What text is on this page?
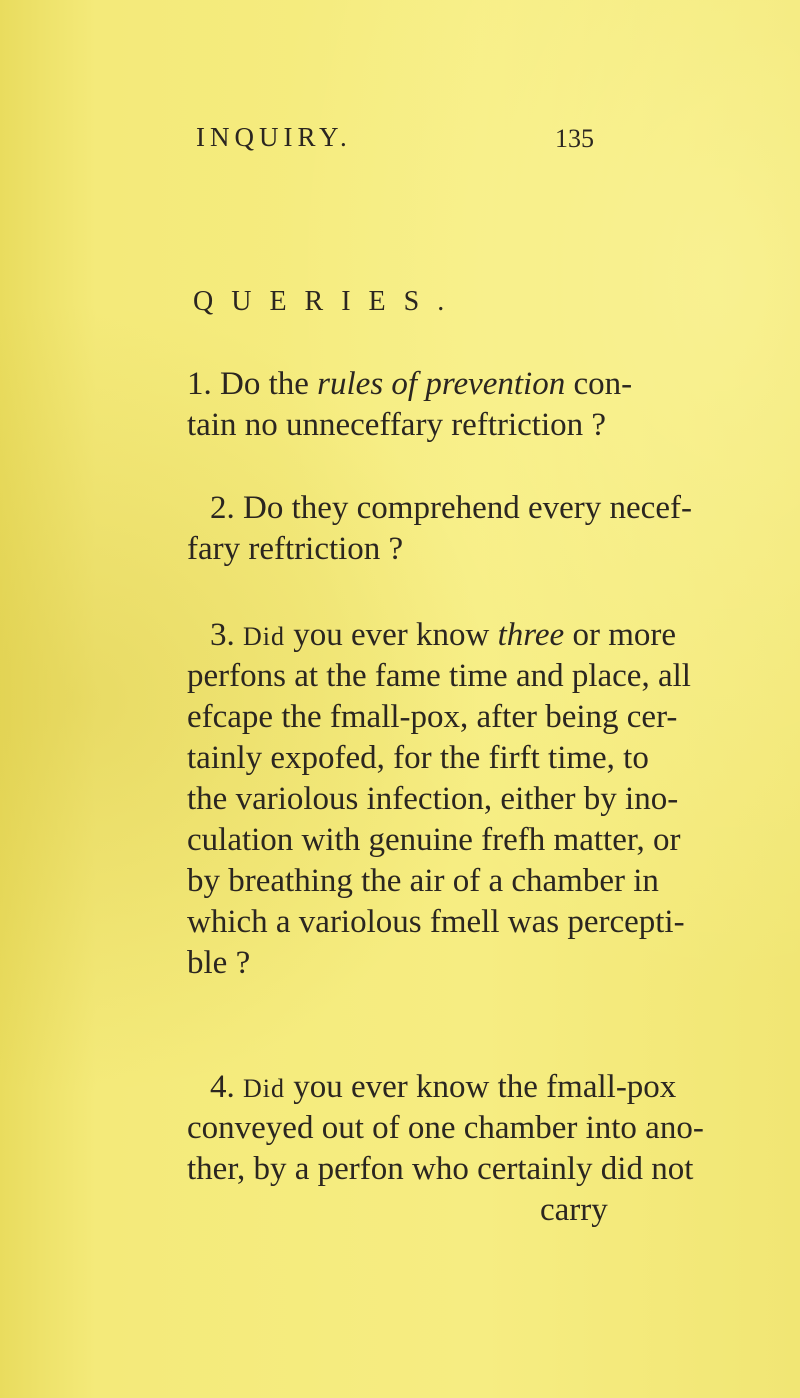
INQUIRY.	135
QUERIES.
1. Do the rules of prevention con-
tain no unneceffary reftriction ?
2. Do they comprehend every necef-
fary reftriction ?
3. Did you ever know three or more
perfons at the fame time and place, all
efcape the fmall-pox, after being cer-
tainly expofed, for the firft time, to
the variolous infection, either by ino-
culation with genuine frefh matter, or
by breathing the air of a chamber in
which a variolous fmell was percepti-
ble ?
4. Did you ever know the fmall-pox
conveyed out of one chamber into ano-
ther, by a perfon who certainly did not
carry
